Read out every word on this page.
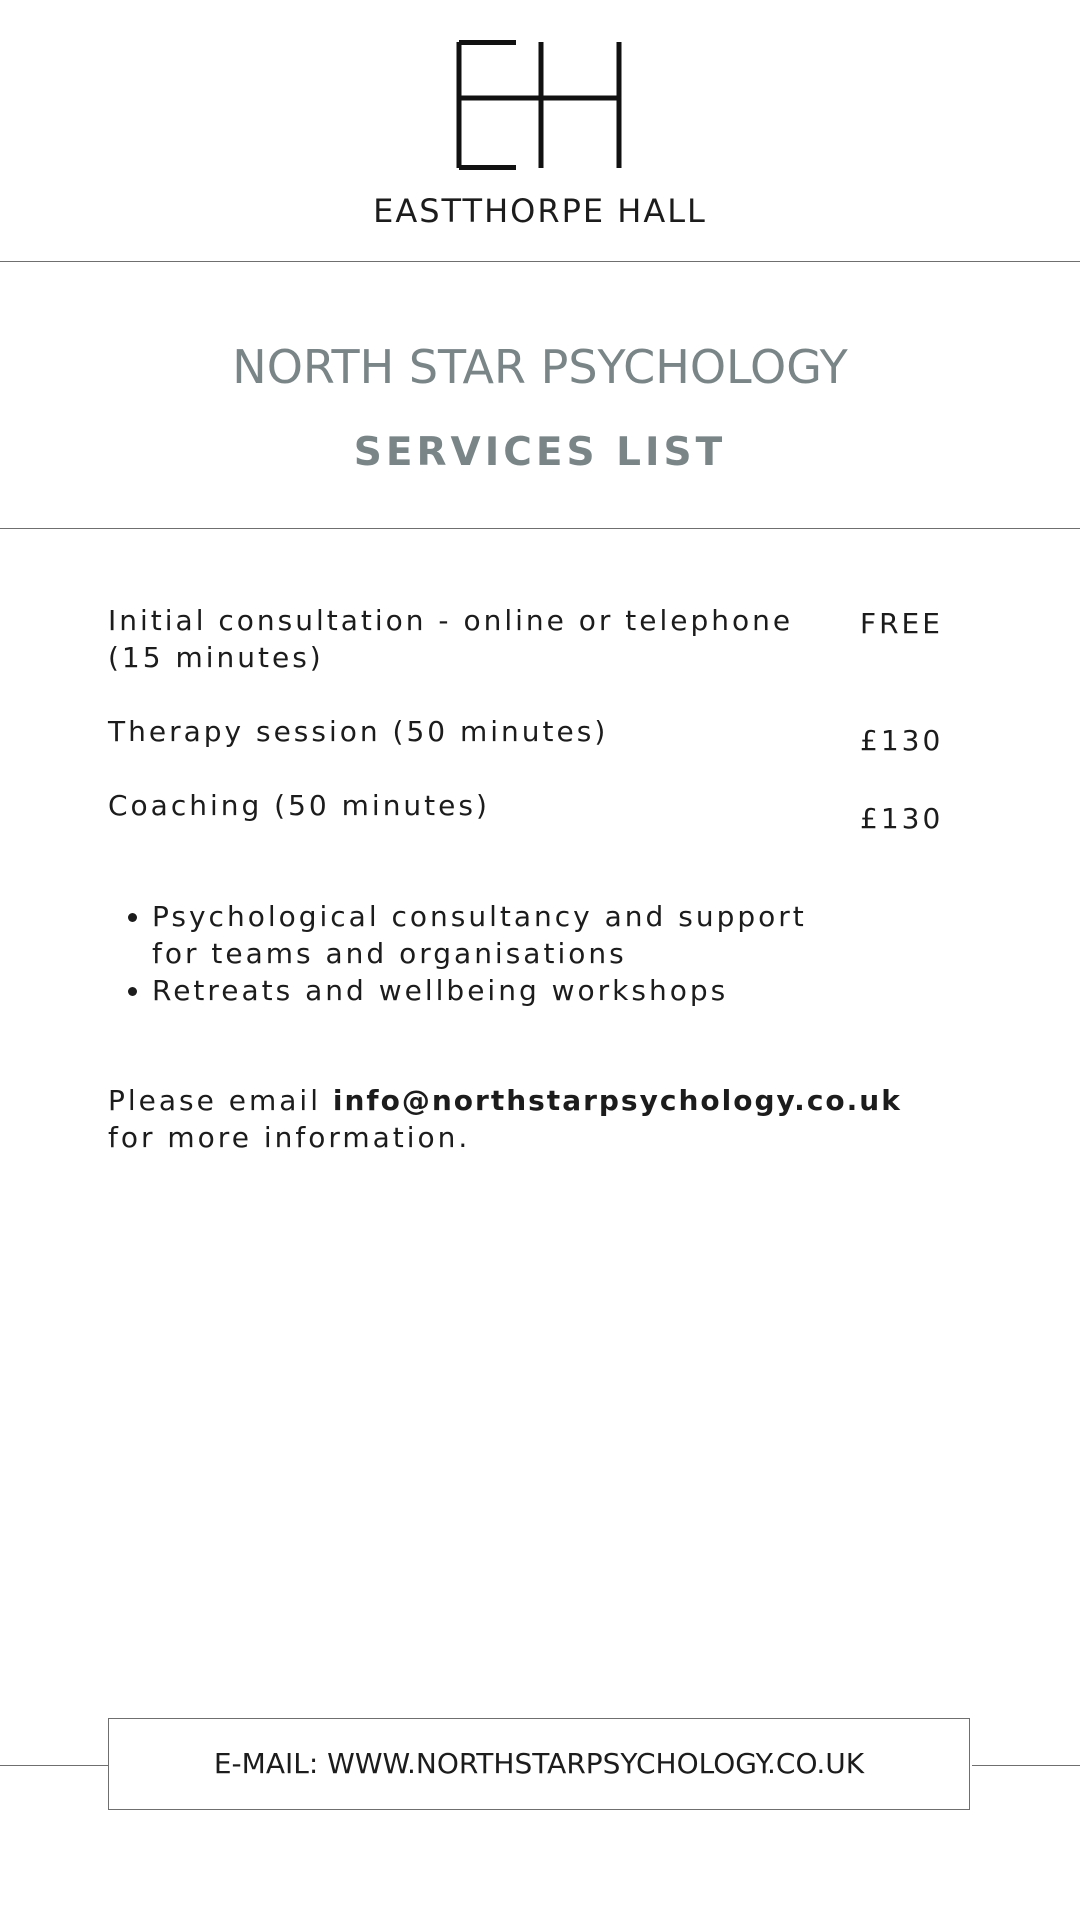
EASTTHORPE HALL
NORTH STAR PSYCHOLOGY
SERVICES LIST
Initial consultation - online or telephone
(15 minutes)
FREE
Therapy session (50 minutes)	£130
Coaching (50 minutes)	£130
• Psychological consultancy and support for teams and organisations
• Retreats and wellbeing workshops
Please email info@northstarpsychology.co.uk for more information.
E-MAIL: WWW.NORTHSTARPSYCHOLOGY.CO.UK
